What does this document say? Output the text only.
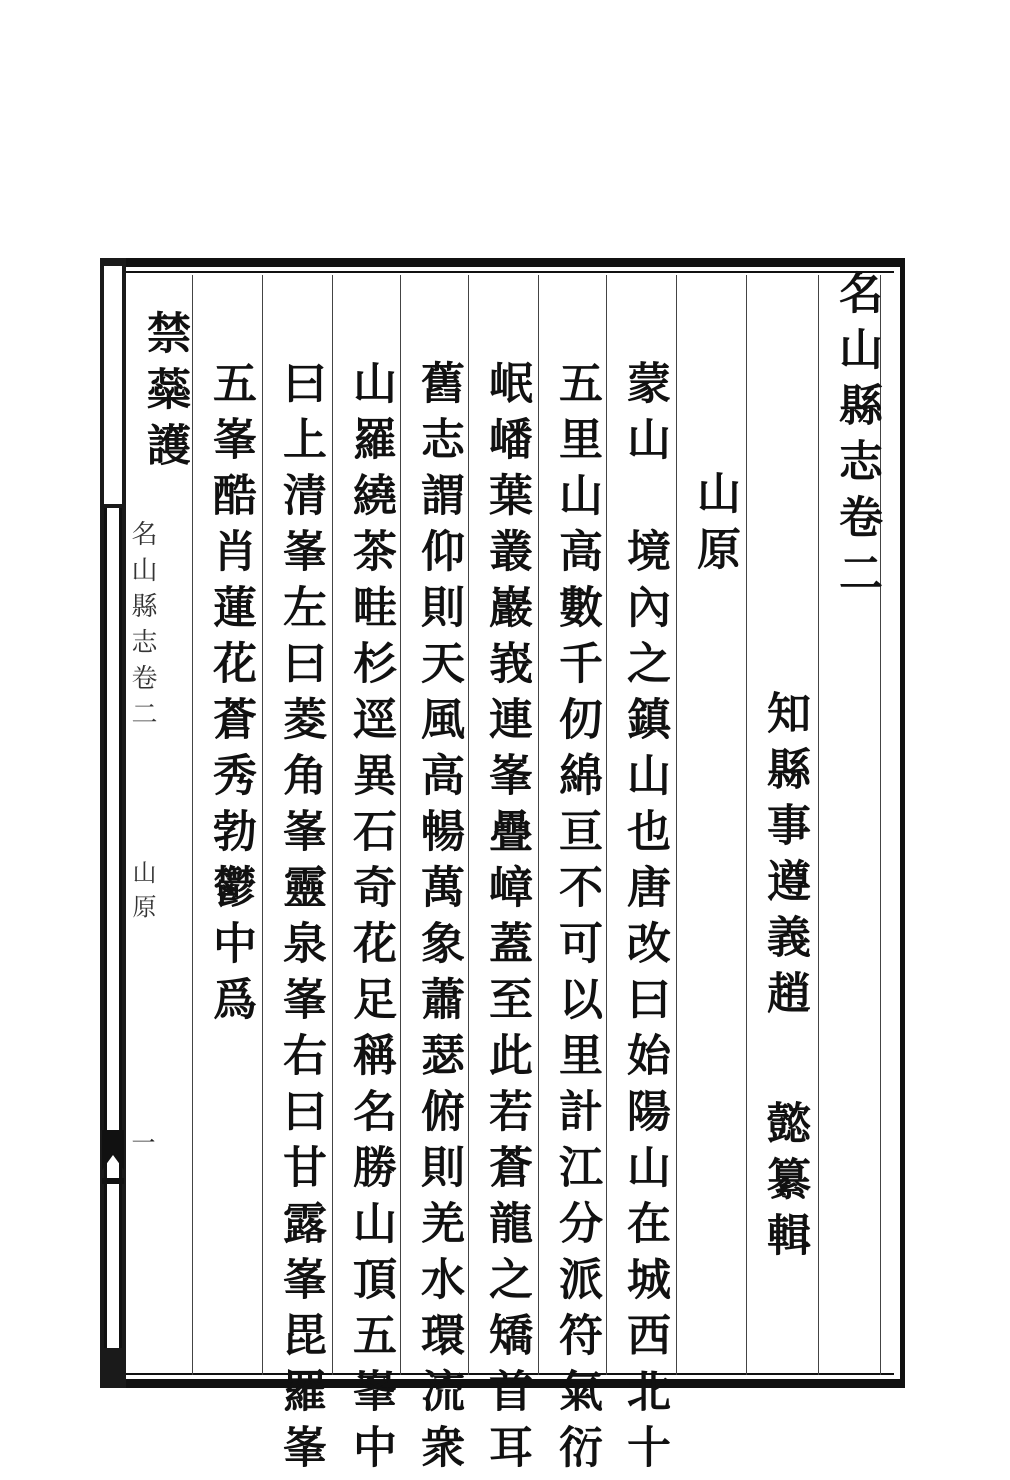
名山縣志卷二
山原
一
名山縣志卷二
知縣事遵義趙
懿纂輯
山原
蒙山　境內之鎮山也唐改曰始陽山在城西北十
五里山高數千仞綿亘不可以里計江分派符氣衍
岷嶓葉叢巖峩連峯疊嶂蓋至此若蒼龍之矯首耳
舊志謂仰則天風高暢萬象蕭瑟俯則羌水環流衆
山羅繞茶畦杉逕異石奇花足稱名勝山頂五峯中
曰上清峯左曰菱角峯靈泉峯右曰甘露峯毘羅峯
五峯酷肖蓮花蒼秀勃鬱中爲
禁蘂護
